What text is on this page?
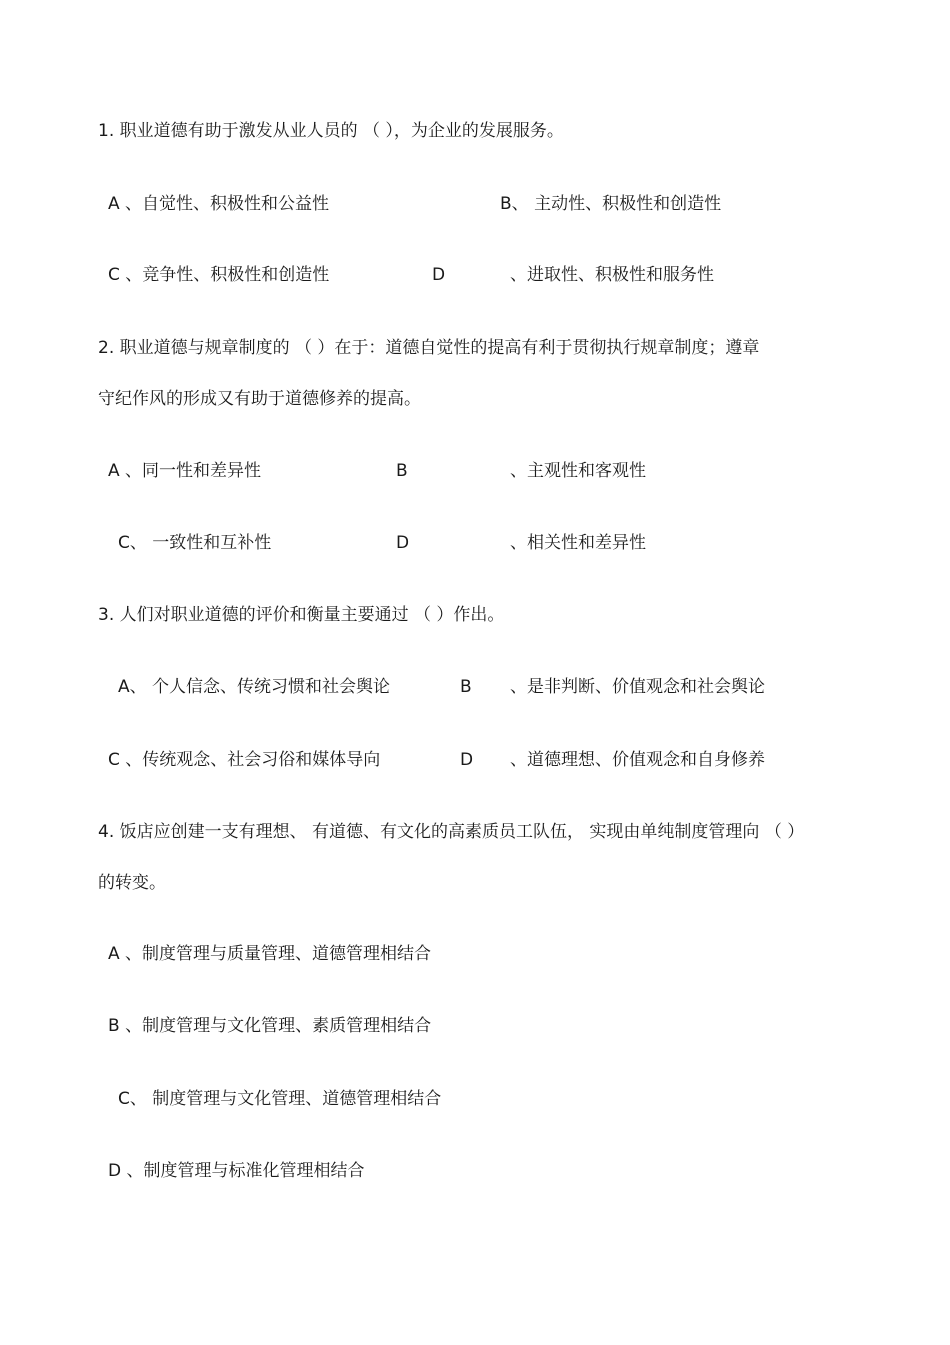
1. 职业道德有助于激发从业人员的 （ ），为企业的发展服务。
A 、自觉性、积极性和公益性	B、 主动性、积极性和创造性
C 、竞争性、积极性和创造性	D	、进取性、积极性和服务性
2. 职业道德与规章制度的 （ ）在于：道德自觉性的提高有利于贯彻执行规章制度；遵章
守纪作风的形成又有助于道德修养的提高。
A 、同一性和差异性	B	、主观性和客观性
C、 一致性和互补性	D	、相关性和差异性
3. 人们对职业道德的评价和衡量主要通过 （ ）作出。
A、 个人信念、传统习惯和社会舆论	B 、是非判断、价值观念和社会舆论
C 、传统观念、社会习俗和媒体导向	D 、道德理想、价值观念和自身修养
4. 饭店应创建一支有理想、 有道德、有文化的高素质员工队伍， 实现由单纯制度管理向 （ ）
的转变。
A 、制度管理与质量管理、道德管理相结合
B 、制度管理与文化管理、素质管理相结合
C、 制度管理与文化管理、道德管理相结合
D 、制度管理与标准化管理相结合
